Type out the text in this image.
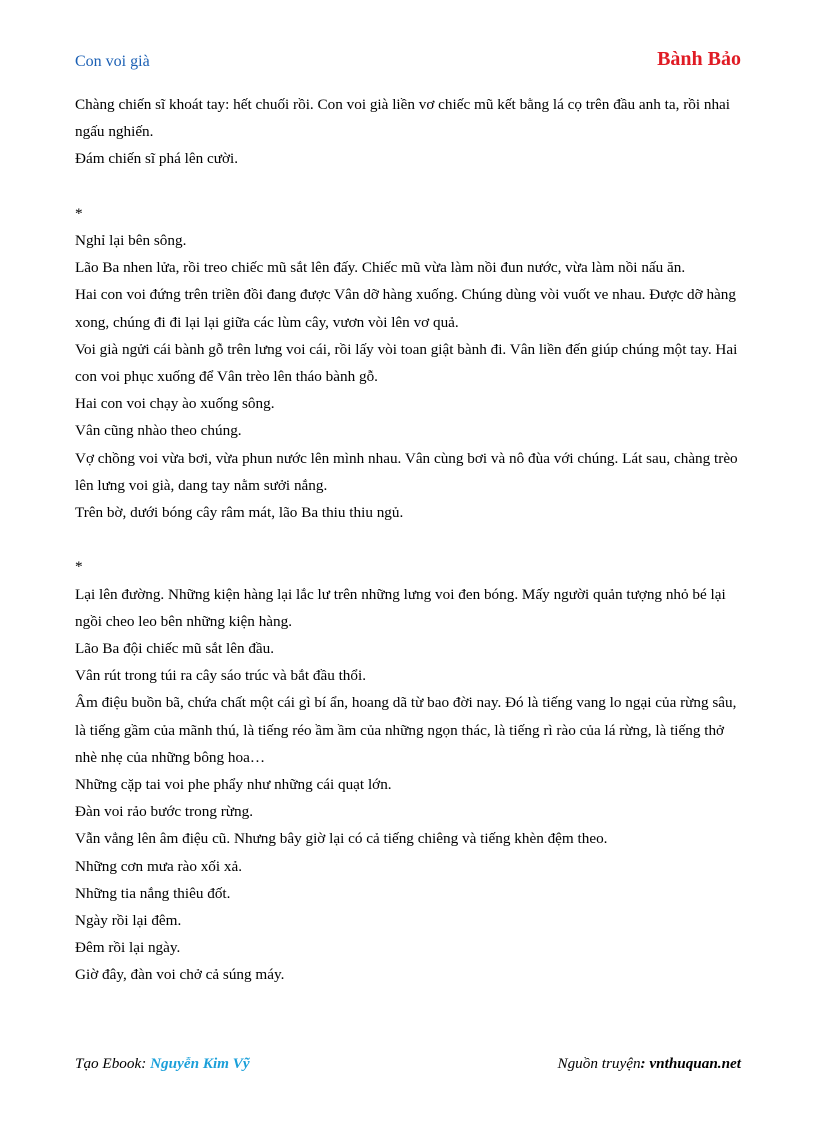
Con voi già	Bành Bảo

Chàng chiến sĩ khoát tay: hết chuối rồi. Con voi già liền vơ chiếc mũ kết bằng lá cọ trên đầu anh ta, rồi nhai ngấu nghiến.

Đám chiến sĩ phá lên cười.

*

Nghỉ lại bên sông.

Lão Ba nhen lửa, rồi treo chiếc mũ sắt lên đấy. Chiếc mũ vừa làm nồi đun nước, vừa làm nồi nấu ăn.

Hai con voi đứng trên triền đồi đang được Vân dỡ hàng xuống. Chúng dùng vòi vuốt ve nhau. Được dỡ hàng xong, chúng đi đi lại lại giữa các lùm cây, vươn vòi lên vơ quả.

Voi già ngửi cái bành gỗ trên lưng voi cái, rồi lấy vòi toan giật bành đi. Vân liền đến giúp chúng một tay. Hai con voi phục xuống để Vân trèo lên tháo bành gỗ.

Hai con voi chạy ào xuống sông.

Vân cũng nhào theo chúng.

Vợ chồng voi vừa bơi, vừa phun nước lên mình nhau. Vân cùng bơi và nô đùa với chúng. Lát sau, chàng trèo lên lưng voi già, dang tay nằm sưởi nắng.

Trên bờ, dưới bóng cây râm mát, lão Ba thiu thiu ngủ.

*

Lại lên đường. Những kiện hàng lại lắc lư trên những lưng voi đen bóng. Mấy người quản tượng nhỏ bé lại ngồi cheo leo bên những kiện hàng.

Lão Ba đội chiếc mũ sắt lên đầu.

Vân rút trong túi ra cây sáo trúc và bắt đầu thổi.

Âm điệu buồn bã, chứa chất một cái gì bí ẩn, hoang dã từ bao đời nay. Đó là tiếng vang lo ngại của rừng sâu, là tiếng gầm của mãnh thú, là tiếng réo ầm ầm của những ngọn thác, là tiếng rì rào của lá rừng, là tiếng thở nhè nhẹ của những bông hoa…

Những cặp tai voi phe phẩy như những cái quạt lớn.

Đàn voi rảo bước trong rừng.

Vẫn vẳng lên âm điệu cũ. Nhưng bây giờ lại có cả tiếng chiêng và tiếng khèn đệm theo.

Những cơn mưa rào xối xả.

Những tia nắng thiêu đốt.

Ngày rồi lại đêm.

Đêm rồi lại ngày.

Giờ đây, đàn voi chở cả súng máy.

Tạo Ebook: Nguyễn Kim Vỹ	Nguồn truyện: vnthuquan.net
